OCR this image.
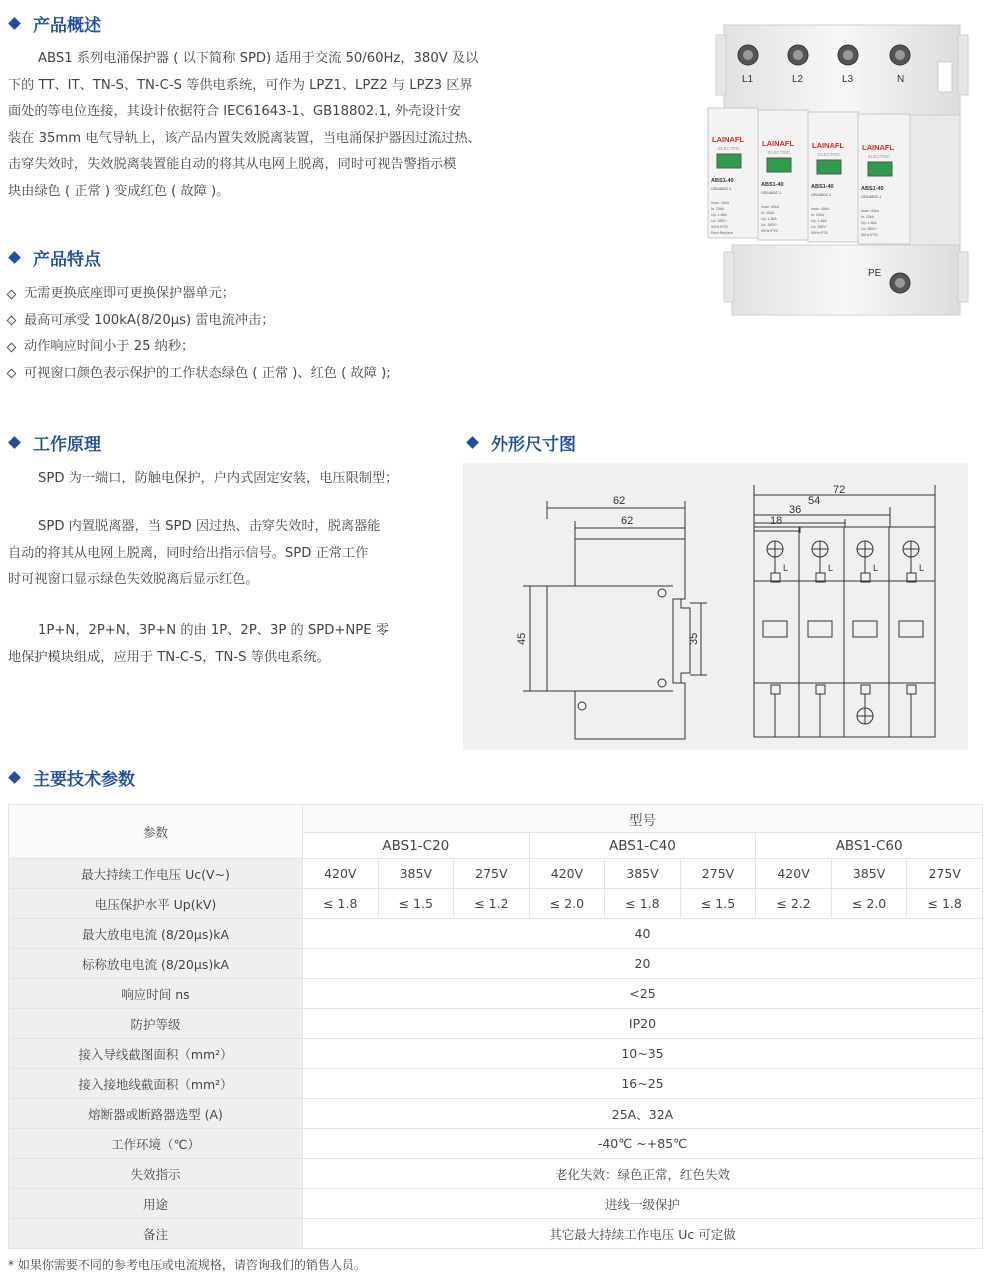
产品概述
ABS1 系列电涌保护器 ( 以下简称 SPD) 适用于交流 50/60Hz，380V 及以
下的 TT、IT、TN-S、TN-C-S 等供电系统，可作为 LPZ1、LPZ2 与 LPZ3 区界
面处的等电位连接，其设计依据符合 IEC61643-1、GB18802.1, 外壳设计安
装在 35mm 电气导轨上，该产品内置失效脱离装置，当电涌保护器因过流过热、
击穿失效时，失效脱离装置能自动的将其从电网上脱离，同时可视告警指示模
块由绿色 ( 正常 ) 变成红色 ( 故障 )。
产品特点
无需更换底座即可更换保护器单元；
最高可承受 100kA(8/20μs) 雷电流冲击；
动作响应时间小于 25 纳秒；
可视窗口颜色表示保护的工作状态绿色 ( 正常 )、红色 ( 故障 );
L1	L2	L3	N
LAINAFL
ELECTRIC
ABS1-40
GB18802.1
Imax: 40kA
In: 20kA
Up: 1.8kA
Uc: 385V~
50Hz IP20
Red=Replace
LAINAFL
ELECTRIC
ABS1-40
GB18802.1
Imax: 40kA
In: 20kA
Up: 1.8kA
Uc: 385V~
50Hz IP20
LAINAFL
ELECTRIC
ABS1-40
GB18802.1
Imax: 40kA
In: 20kA
Up: 1.8kA
Uc: 385V~
50Hz IP20
LAINAFL
ELECTRIC
ABS1-40
GB18802.1
Imax: 40kA
In: 20kA
Up: 1.8kA
Uc: 385V~
50Hz IP20
PE
工作原理
SPD 为一端口，防触电保护，户内式固定安装，电压限制型；
SPD 内置脱离器，当 SPD 因过热、击穿失效时，脱离器能
自动的将其从电网上脱离，同时给出指示信号。SPD 正常工作
时可视窗口显示绿色失效脱离后显示红色。
1P+N，2P+N，3P+N 的由 1P、2P、3P 的 SPD+NPE 零
地保护模块组成，应用于 TN-C-S，TN-S 等供电系统。
外形尺寸图
62
62
45	35
72
54
36
18
L	L	L	L
主要技术参数
参数	型号								
	ABS1-C20			ABS1-C40			ABS1-C60		
最大持续工作电压 Uc(V~)	420V	385V	275V	420V	385V	275V	420V	385V	275V
电压保护水平 Up(kV)	≤ 1.8	≤ 1.5	≤ 1.2	≤ 2.0	≤ 1.8	≤ 1.5	≤ 2.2	≤ 2.0	≤ 1.8
最大放电电流 (8/20μs)kA	40								
标称放电电流 (8/20μs)kA	20								
响应时间 ns	<25								
防护等级	IP20								
接入导线截图面积（mm²）	10~35								
接入接地线截面积（mm²）	16~25								
熔断器或断路器选型 (A)	25A、32A								
工作环境（℃）	-40℃ ~+85℃								
失效指示	老化失效：绿色正常，红色失效								
用途	进线一级保护								
备注	其它最大持续工作电压 Uc 可定做								
* 如果你需要不同的参考电压或电流规格，请咨询我们的销售人员。
